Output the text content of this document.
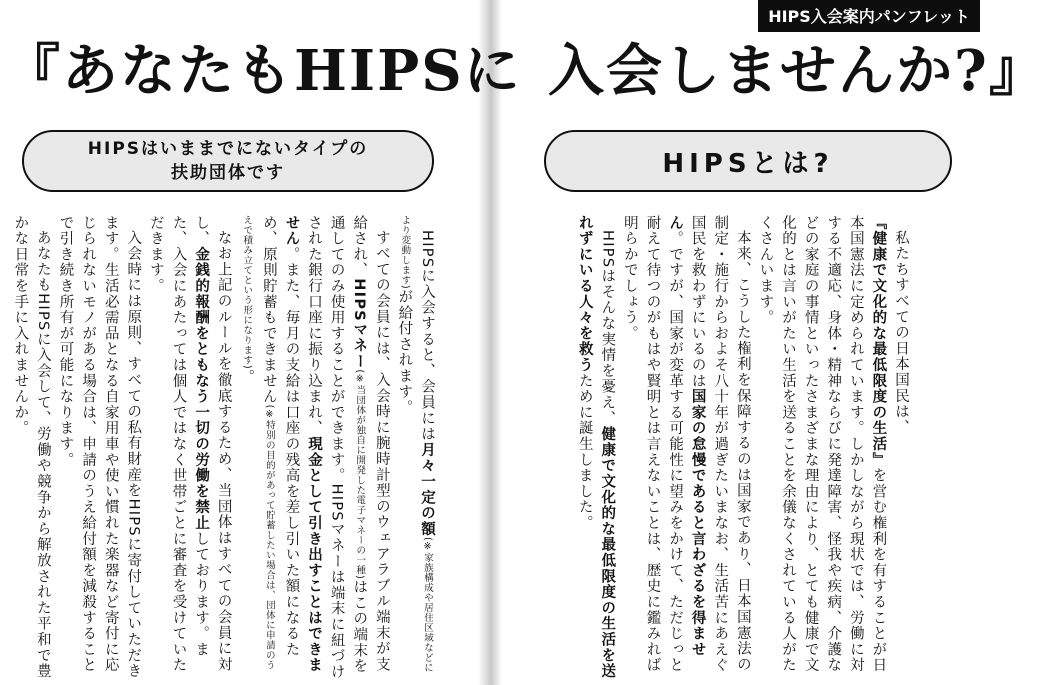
HIPS入会案内パンフレット
『あなたもHIPSに 入会しませんか?』
HIPSはいままでにないタイプの
扶助団体です	HIPSとは?

HIPSに入会すると、会員には月々一定の額(※家族構成や居住区域などにより変動します)が給付されます。

すべての会員には、入会時に腕時計型のウェアラブル端末が支給され、HIPSマネー(※当団体が独自に開発した電子マネーの一種)はこの端末を通してのみ使用することができます。HIPSマネーは端末に紐づけされた銀行口座に振り込まれ、現金として引き出すことはできません。また、毎月の支給は口座の残高を差し引いた額になるため、原則貯蓄もできません(※特別の目的があって貯蓄したい場合は、団体に申請のうえで積み立てという形になります)。

なお上記のルールを徹底するため、当団体はすべての会員に対し、金銭的報酬をともなう一切の労働を禁止しております。また、入会にあたっては個人ではなく世帯ごとに審査を受けていただきます。

入会時には原則、すべての私有財産をHIPSに寄付していただきます。生活必需品となる自家用車や使い慣れた楽器など寄付に応じられないモノがある場合は、申請のうえ給付額を減殺することで引き続き所有が可能になります。

あなたもHIPSに入会して、労働や競争から解放された平和で豊かな日常を手に入れませんか。	私たちすべての日本国民は、『健康で文化的な最低限度の生活』を営む権利を有することが日本国憲法に定められています。しかしながら現状では、労働に対する不適応、身体・精神ならびに発達障害、怪我や疾病、介護などの家庭の事情といったさまざまな理由により、とても健康で文化的とは言いがたい生活を送ることを余儀なくされている人がたくさんいます。

本来、こうした権利を保障するのは国家であり、日本国憲法の制定・施行からおよそ八十年が過ぎたいまなお、生活苦にあえぐ国民を救わずにいるのは国家の怠慢であると言わざるを得ません。ですが、国家が変革する可能性に望みをかけて、ただじっと耐えて待つのがもはや賢明とは言えないことは、歴史に鑑みれば明らかでしょう。

HIPSはそんな実情を憂え、健康で文化的な最低限度の生活を送れずにいる人々を救うために誕生しました。
